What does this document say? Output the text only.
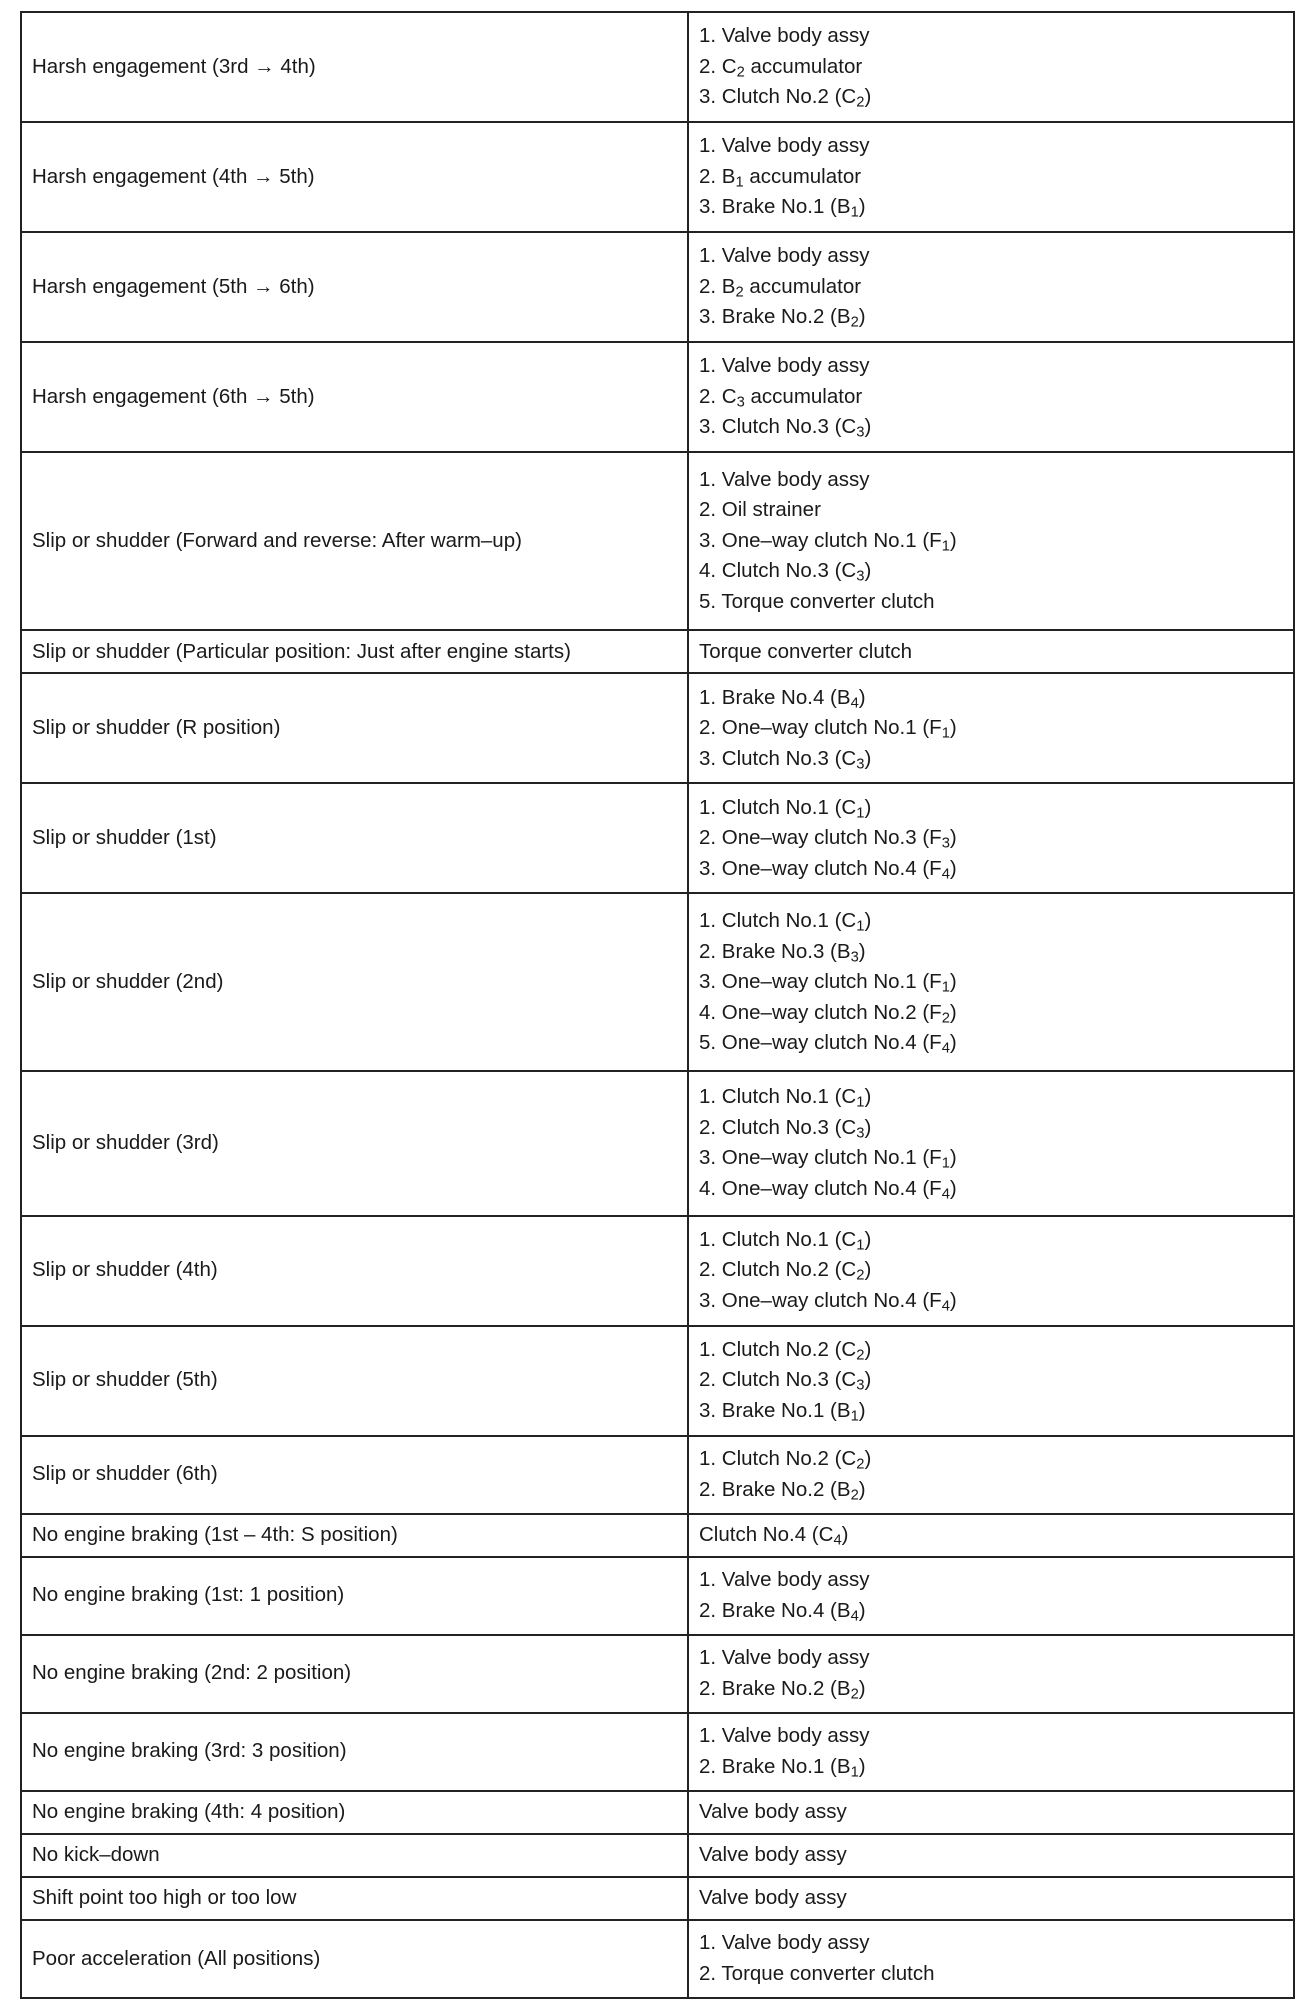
Harsh engagement (3rd → 4th)	1. Valve body assy
2. $C_2$ accumulator
3. Clutch No.2 $(C_2)$

Harsh engagement (4th → 5th)	1. Valve body assy
2. $B_1$ accumulator
3. Brake No.1 $(B_1)$

Harsh engagement (5th → 6th)	1. Valve body assy
2. $B_2$ accumulator
3. Brake No.2 $(B_2)$

Harsh engagement (6th → 5th)	1. Valve body assy
2. $C_3$ accumulator
3. Clutch No.3 $(C_3)$

Slip or shudder (Forward and reverse: After warm–up)	1. Valve body assy
2. Oil strainer
3. One–way clutch No.1 $(F_1)$
4. Clutch No.3 $(C_3)$
5. Torque converter clutch

Slip or shudder (Particular position: Just after engine starts)	Torque converter clutch

Slip or shudder (R position)	1. Brake No.4 $(B_4)$
2. One–way clutch No.1 $(F_1)$
3. Clutch No.3 $(C_3)$

Slip or shudder (1st)	1. Clutch No.1 $(C_1)$
2. One–way clutch No.3 $(F_3)$
3. One–way clutch No.4 $(F_4)$

Slip or shudder (2nd)	1. Clutch No.1 $(C_1)$
2. Brake No.3 $(B_3)$
3. One–way clutch No.1 $(F_1)$
4. One–way clutch No.2 $(F_2)$
5. One–way clutch No.4 $(F_4)$

Slip or shudder (3rd)	1. Clutch No.1 $(C_1)$
2. Clutch No.3 $(C_3)$
3. One–way clutch No.1 $(F_1)$
4. One–way clutch No.4 $(F_4)$

Slip or shudder (4th)	1. Clutch No.1 $(C_1)$
2. Clutch No.2 $(C_2)$
3. One–way clutch No.4 $(F_4)$

Slip or shudder (5th)	1. Clutch No.2 $(C_2)$
2. Clutch No.3 $(C_3)$
3. Brake No.1 $(B_1)$

Slip or shudder (6th)	1. Clutch No.2 $(C_2)$
2. Brake No.2 $(B_2)$

No engine braking (1st – 4th: S position)	Clutch No.4 $(C_4)$

No engine braking (1st: 1 position)	1. Valve body assy
2. Brake No.4 $(B_4)$

No engine braking (2nd: 2 position)	1. Valve body assy
2. Brake No.2 $(B_2)$

No engine braking (3rd: 3 position)	1. Valve body assy
2. Brake No.1 $(B_1)$

No engine braking (4th: 4 position)	Valve body assy

No kick–down	Valve body assy

Shift point too high or too low	Valve body assy

Poor acceleration (All positions)	1. Valve body assy
2. Torque converter clutch
